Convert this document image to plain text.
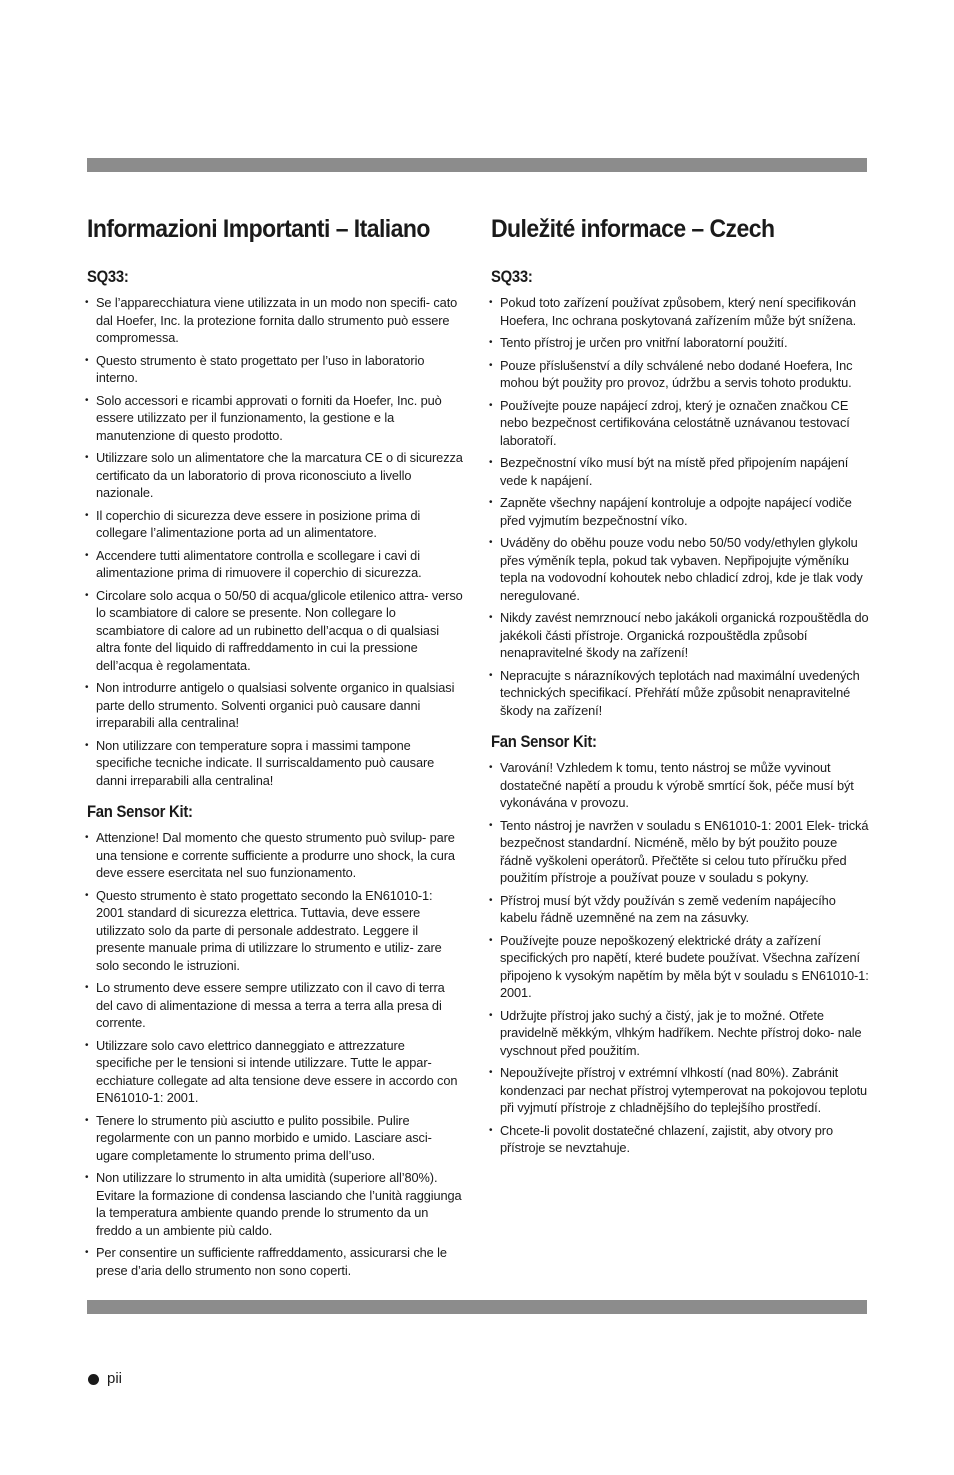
Informazioni Importanti – Italiano
SQ33:
• Se l’apparecchiatura viene utilizzata in un modo non specifi- cato dal Hoefer, Inc. la protezione fornita dallo strumento può essere compromessa.
• Questo strumento è stato progettato per l’uso in laboratorio interno.
• Solo accessori e ricambi approvati o forniti da Hoefer, Inc. può essere utilizzato per il funzionamento, la gestione e la manutenzione di questo prodotto.
• Utilizzare solo un alimentatore che la marcatura CE o di sicurezza certificato da un laboratorio di prova riconosciuto a livello nazionale.
• Il coperchio di sicurezza deve essere in posizione prima di collegare l’alimentazione porta ad un alimentatore.
• Accendere tutti alimentatore controlla e scollegare i cavi di alimentazione prima di rimuovere il coperchio di sicurezza.
• Circolare solo acqua o 50/50 di acqua/glicole etilenico attra- verso lo scambiatore di calore se presente. Non collegare lo scambiatore di calore ad un rubinetto dell’acqua o di qualsiasi altra fonte del liquido di raffreddamento in cui la pressione dell’acqua è regolamentata.
• Non introdurre antigelo o qualsiasi solvente organico in qualsiasi parte dello strumento. Solventi organici può causare danni irreparabili alla centralina!
• Non utilizzare con temperature sopra i massimi tampone specifiche tecniche indicate. Il surriscaldamento può causare danni irreparabili alla centralina!
Fan Sensor Kit:
• Attenzione! Dal momento che questo strumento può svilup- pare una tensione e corrente sufficiente a produrre uno shock, la cura deve essere esercitata nel suo funzionamento.
• Questo strumento è stato progettato secondo la EN61010-1: 2001 standard di sicurezza elettrica. Tuttavia, deve essere utilizzato solo da parte di personale addestrato. Leggere il presente manuale prima di utilizzare lo strumento e utiliz- zare solo secondo le istruzioni.
• Lo strumento deve essere sempre utilizzato con il cavo di terra del cavo di alimentazione di messa a terra a terra alla presa di corrente.
• Utilizzare solo cavo elettrico danneggiato e attrezzature specifiche per le tensioni si intende utilizzare. Tutte le appar- ecchiature collegate ad alta tensione deve essere in accordo con EN61010-1: 2001.
• Tenere lo strumento più asciutto e pulito possibile. Pulire regolarmente con un panno morbido e umido. Lasciare asci- ugare completamente lo strumento prima dell’uso.
• Non utilizzare lo strumento in alta umidità (superiore all’80%). Evitare la formazione di condensa lasciando che l’unità raggiunga la temperatura ambiente quando prende lo strumento da un freddo a un ambiente più caldo.
• Per consentire un sufficiente raffreddamento, assicurarsi che le prese d’aria dello strumento non sono coperti.
Duležité informace – Czech
SQ33:
• Pokud toto zařízení používat způsobem, který není specifikován Hoefera, Inc ochrana poskytovaná zařízením může být snížena.
• Tento přístroj je určen pro vnitřní laboratorní použití.
• Pouze příslušenství a díly schválené nebo dodané Hoefera, Inc mohou být použity pro provoz, údržbu a servis tohoto produktu.
• Používejte pouze napájecí zdroj, který je označen značkou CE nebo bezpečnost certifikována celostátně uznávanou testovací laboratoří.
• Bezpečnostní víko musí být na místě před připojením napájení vede k napájení.
• Zapněte všechny napájení kontroluje a odpojte napájecí vodiče před vyjmutím bezpečnostní víko.
• Uváděny do oběhu pouze vodu nebo 50/50 vody/ethylen glykolu přes výměník tepla, pokud tak vybaven. Nepřipojujte výměníku tepla na vodovodní kohoutek nebo chladicí zdroj, kde je tlak vody neregulované.
• Nikdy zavést nemrznoucí nebo jakákoli organická rozpouštědla do jakékoli části přístroje. Organická rozpouštědla způsobí nenapravitelné škody na zařízení!
• Nepracujte s nárazníkových teplotách nad maximální uvedených technických specifikací. Přehřátí může způsobit nenapravitelné škody na zařízení!
Fan Sensor Kit:
• Varování! Vzhledem k tomu, tento nástroj se může vyvinout dostatečné napětí a proudu k výrobě smrtící šok, péče musí být vykonávána v provozu.
• Tento nástroj je navržen v souladu s EN61010-1: 2001 Elek- trická bezpečnost standardní. Nicméně, mělo by být použito pouze řádně vyškoleni operátorů. Přečtěte si celou tuto příručku před použitím přístroje a používat pouze v souladu s pokyny.
• Přístroj musí být vždy používán s země vedením napájecího kabelu řádně uzemněné na zem na zásuvky.
• Používejte pouze nepoškozený elektrické dráty a zařízení specifických pro napětí, které budete používat. Všechna zařízení připojeno k vysokým napětím by měla být v souladu s EN61010-1: 2001.
• Udržujte přístroj jako suchý a čistý, jak je to možné. Otřete pravidelně měkkým, vlhkým hadříkem. Nechte přístroj doko- nale vyschnout před použitím.
• Nepoužívejte přístroj v extrémní vlhkostí (nad 80%). Zabránit kondenzaci par nechat přístroj vytemperovat na pokojovou teplotu při vyjmutí přístroje z chladnějšího do teplejšího prostředí.
• Chcete-li povolit dostatečné chlazení, zajistit, aby otvory pro přístroje se nevztahuje.
pii
